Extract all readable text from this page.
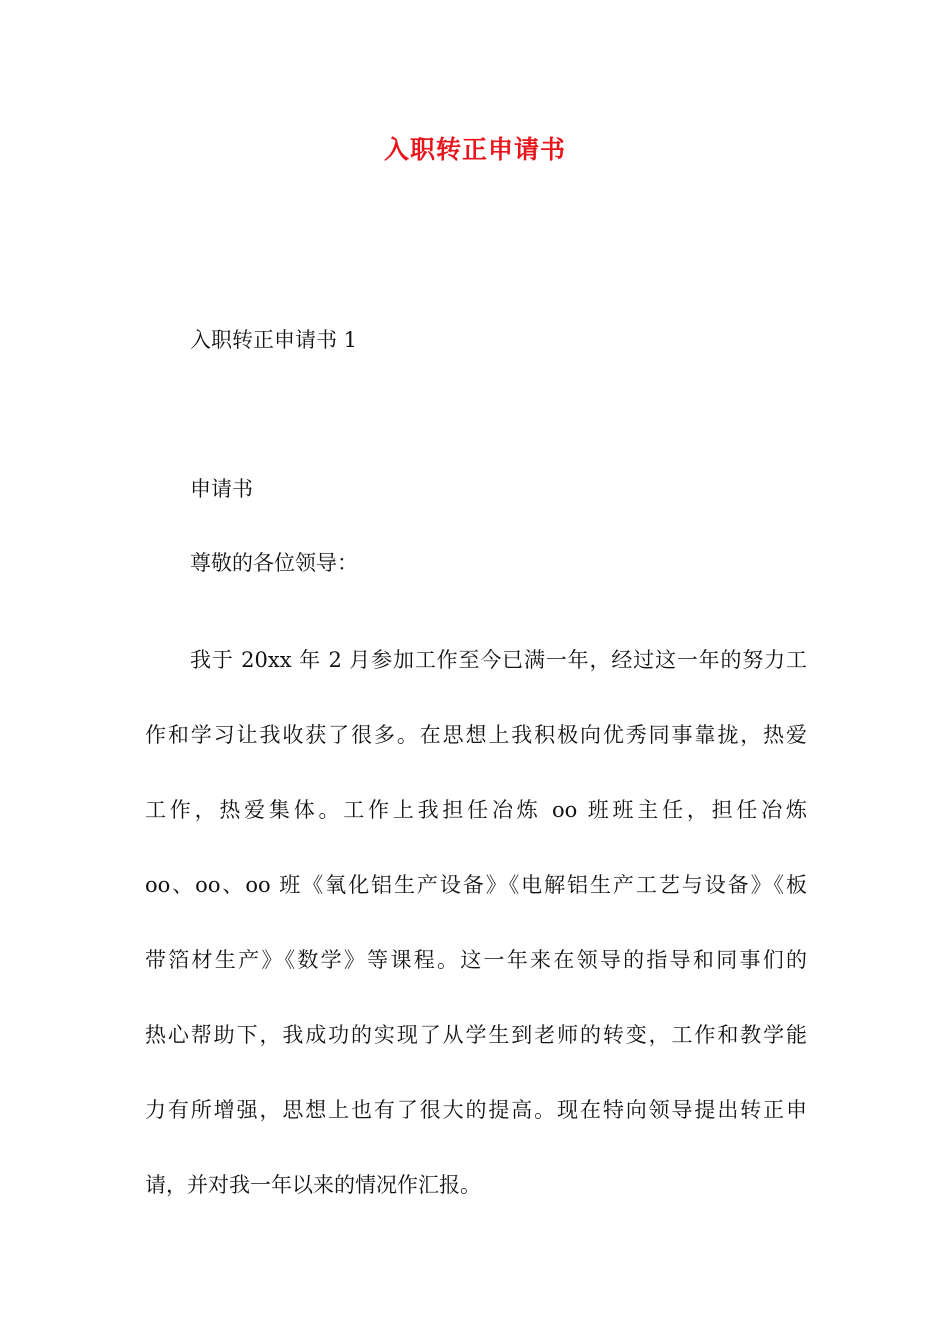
入职转正申请书
入职转正申请书 1
申请书
尊敬的各位领导：
我于 20xx 年 2 月参加工作至今已满一年，经过这一年的努力工
作和学习让我收获了很多。在思想上我积极向优秀同事靠拢，热爱
工作，热爱集体。工作上我担任冶炼 oo 班班主任，担任冶炼
oo、oo、oo 班《氧化铝生产设备》《电解铝生产工艺与设备》《板
带箔材生产》《数学》等课程。这一年来在领导的指导和同事们的
热心帮助下，我成功的实现了从学生到老师的转变，工作和教学能
力有所增强，思想上也有了很大的提高。现在特向领导提出转正申
请，并对我一年以来的情况作汇报。
